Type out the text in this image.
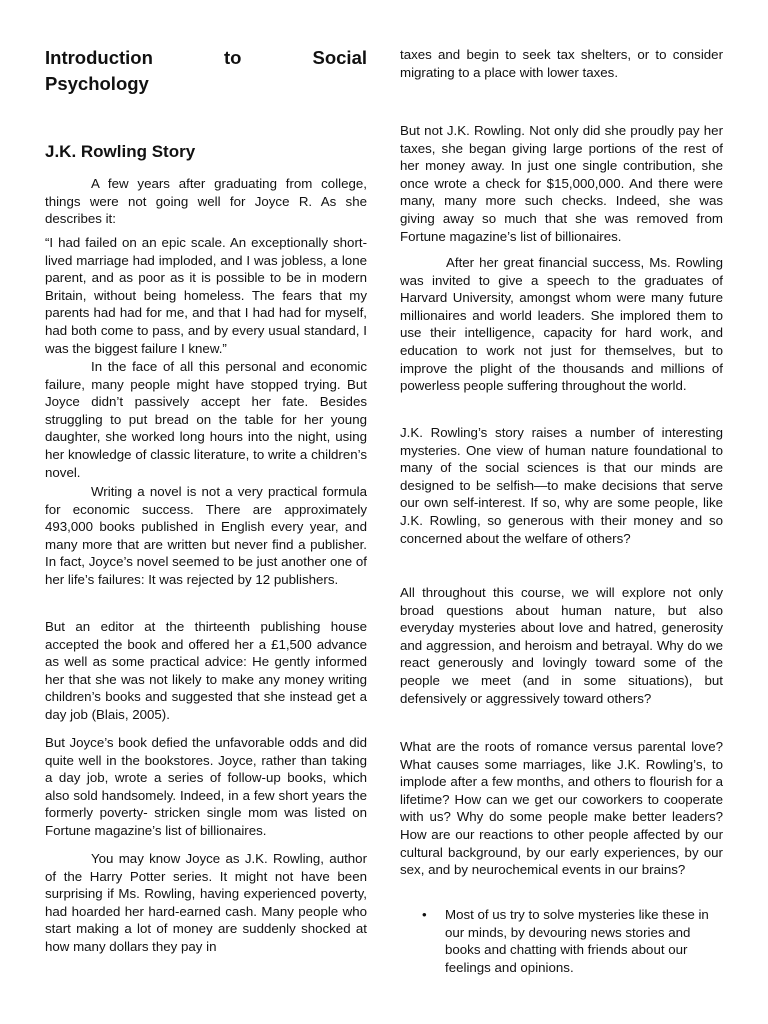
Introduction	to	Social
Psychology
J.K. Rowling Story

A few years after graduating from college, things were not going well for Joyce R. As she describes it:

“I had failed on an epic scale. An exceptionally short-lived marriage had imploded, and I was jobless, a lone parent, and as poor as it is possible to be in modern Britain, without being homeless. The fears that my parents had had for me, and that I had had for myself, had both come to pass, and by every usual standard, I was the biggest failure I knew.”

In the face of all this personal and economic failure, many people might have stopped trying. But Joyce didn’t passively accept her fate. Besides struggling to put bread on the table for her young daughter, she worked long hours into the night, using her knowledge of classic literature, to write a children’s novel.

Writing a novel is not a very practical formula for economic success. There are approximately 493,000 books published in English every year, and many more that are written but never find a publisher. In fact, Joyce’s novel seemed to be just another one of her life’s failures: It was rejected by 12 publishers.

But an editor at the thirteenth publishing house accepted the book and offered her a £1,500 advance as well as some practical advice: He gently informed her that she was not likely to make any money writing children’s books and suggested that she instead get a day job (Blais, 2005).

But Joyce’s book defied the unfavorable odds and did quite well in the bookstores. Joyce, rather than taking a day job, wrote a series of follow-up books, which also sold handsomely. Indeed, in a few short years the formerly poverty- stricken single mom was listed on Fortune magazine’s list of billionaires.

You may know Joyce as J.K. Rowling, author of the Harry Potter series. It might not have been surprising if Ms. Rowling, having experienced poverty, had hoarded her hard-earned cash. Many people who start making a lot of money are suddenly shocked at how many dollars they pay in

taxes and begin to seek tax shelters, or to consider migrating to a place with lower taxes.

But not J.K. Rowling. Not only did she proudly pay her taxes, she began giving large portions of the rest of her money away. In just one single contribution, she once wrote a check for $15,000,000. And there were many, many more such checks. Indeed, she was giving away so much that she was removed from Fortune magazine’s list of billionaires.

After her great financial success, Ms. Rowling was invited to give a speech to the graduates of Harvard University, amongst whom were many future millionaires and world leaders. She implored them to use their intelligence, capacity for hard work, and education to work not just for themselves, but to improve the plight of the thousands and millions of powerless people suffering throughout the world.

J.K. Rowling’s story raises a number of interesting mysteries. One view of human nature foundational to many of the social sciences is that our minds are designed to be selfish—to make decisions that serve our own self-interest. If so, why are some people, like J.K. Rowling, so generous with their money and so concerned about the welfare of others?

All throughout this course, we will explore not only broad questions about human nature, but also everyday mysteries about love and hatred, generosity and aggression, and heroism and betrayal. Why do we react generously and lovingly toward some of the people we meet (and in some situations), but defensively or aggressively toward others?

What are the roots of romance versus parental love? What causes some marriages, like J.K. Rowling’s, to implode after a few months, and others to flourish for a lifetime? How can we get our coworkers to cooperate with us? Why do some people make better leaders? How are our reactions to other people affected by our cultural background, by our early experiences, by our sex, and by neurochemical events in our brains?

•	Most of us try to solve mysteries like these in our minds, by devouring news stories and books and chatting with friends about our feelings and opinions.
